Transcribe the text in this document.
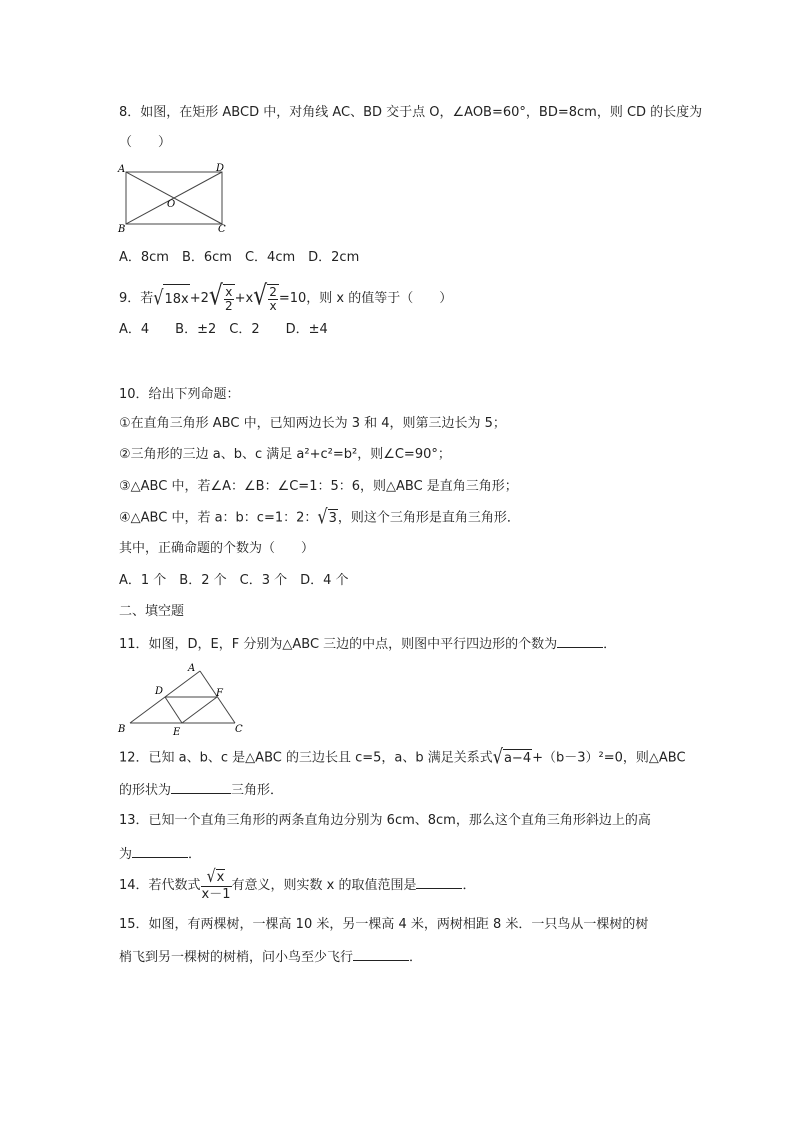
8．如图，在矩形 ABCD 中，对角线 AC、BD 交于点 O，∠AOB=60°，BD=8cm，则 CD 的长度为
（　　）
A	D
B	C
O
A．8cm　B．6cm　C．4cm　D．2cm
9．若$√18x+2√ \frac{x}{2} +x√ \frac{2}{x} =10$，则 x 的值等于（　　）
A．4　　B．±2　C．2　　D．±4
10．给出下列命题：
①在直角三角形 ABC 中，已知两边长为 3 和 4，则第三边长为 5；
②三角形的三边 a、b、c 满足 a²+c²=b²，则∠C=90°；
③△ABC 中，若∠A：∠B：∠C=1：5：6，则△ABC 是直角三角形；
④△ABC 中，若 a：b：c=1：2：√3，则这个三角形是直角三角形．
其中，正确命题的个数为（　　）
A．1 个　B．2 个　C．3 个　D．4 个
二、填空题
11．如图，D，E，F 分别为△ABC 三边的中点，则图中平行四边形的个数为	．
A
D	F
B	E	C
12．已知 a、b、c 是△ABC 的三边长且 c=5，a、b 满足关系式√a−4+（b－3）²=0，则△ABC
的形状为	三角形．
13．已知一个直角三角形的两条直角边分别为 6cm、8cm，那么这个直角三角形斜边上的高
为	．
14．若代数式 $\frac{√x}{x-1}$ 有意义，则实数 x 的取值范围是	．
15．如图，有两棵树，一棵高 10 米，另一棵高 4 米，两树相距 8 米．一只鸟从一棵树的树
梢飞到另一棵树的树梢，问小鸟至少飞行	．
